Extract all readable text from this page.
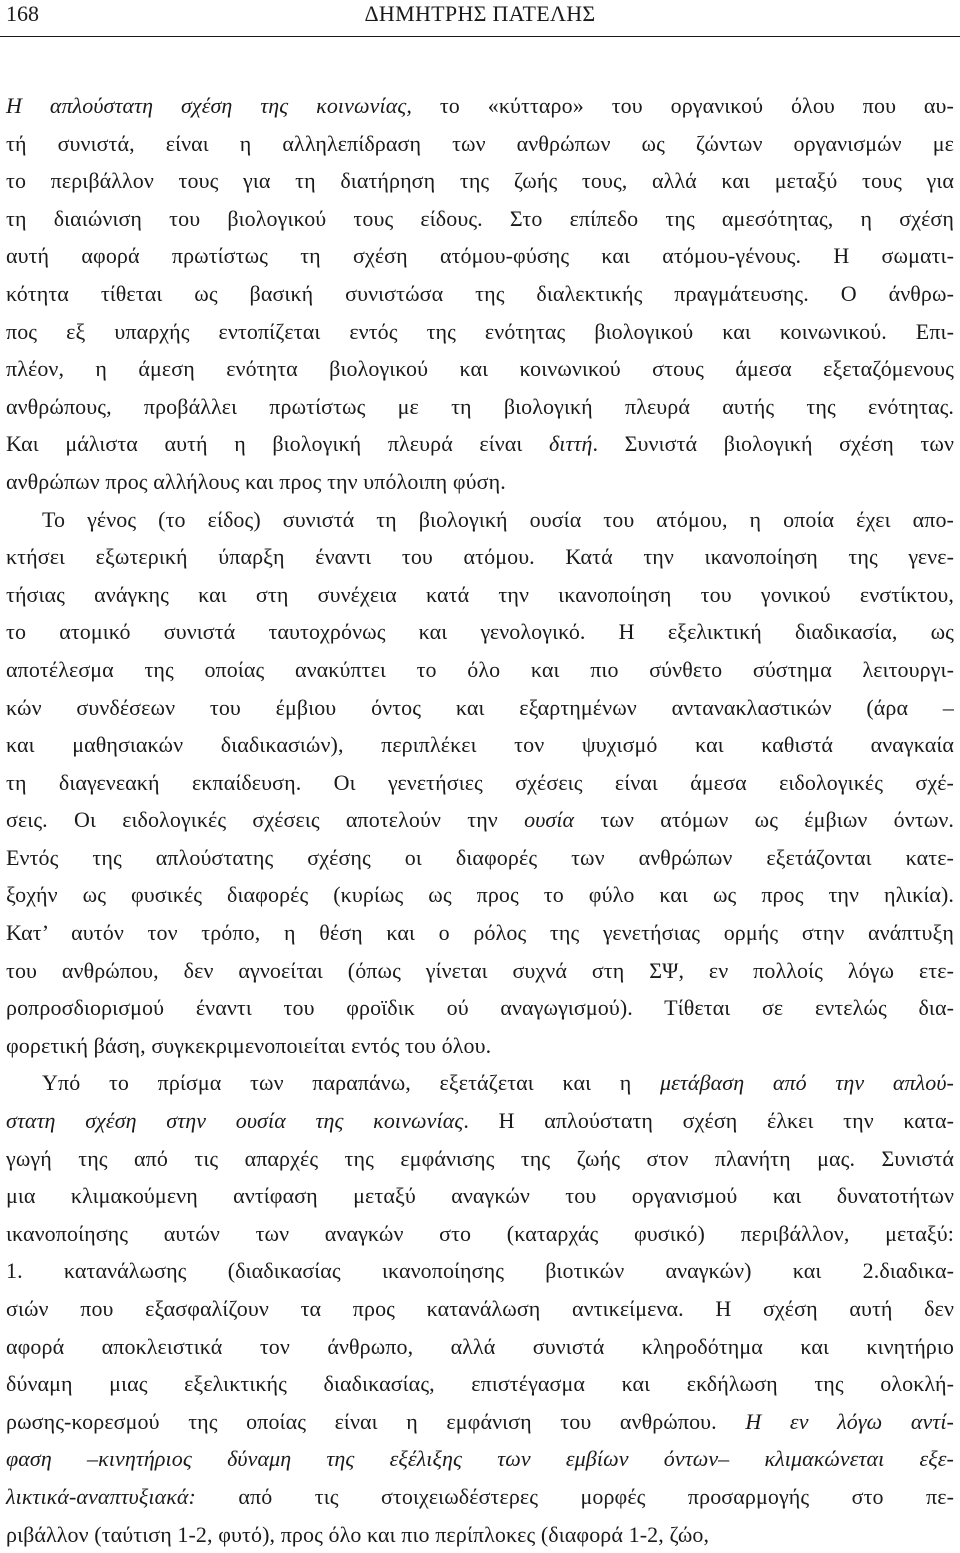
168	ΔΗΜΗΤΡΗΣ ΠΑΤΕΛΗΣ
Η απλούστατη σχέση της κοινωνίας, το «κύτταρο» του οργανικού όλου που αυ-
τή συνιστά, είναι η αλληλεπίδραση των ανθρώπων ως ζώντων οργανισμών με
το περιβάλλον τους για τη διατήρηση της ζωής τους, αλλά και μεταξύ τους για
τη διαιώνιση του βιολογικού τους είδους. Στο επίπεδο της αμεσότητας, η σχέση
αυτή αφορά πρωτίστως τη σχέση ατόμου-φύσης και ατόμου-γένους. Η σωματι-
κότητα τίθεται ως βασική συνιστώσα της διαλεκτικής πραγμάτευσης. Ο άνθρω-
πος εξ υπαρχής εντοπίζεται εντός της ενότητας βιολογικού και κοινωνικού. Επι-
πλέον, η άμεση ενότητα βιολογικού και κοινωνικού στους άμεσα εξεταζόμενους
ανθρώπους, προβάλλει πρωτίστως με τη βιολογική πλευρά αυτής της ενότητας.
Και μάλιστα αυτή η βιολογική πλευρά είναι διττή. Συνιστά βιολογική σχέση των
ανθρώπων προς αλλήλους και προς την υπόλοιπη φύση.
Το γένος (το είδος) συνιστά τη βιολογική ουσία του ατόμου, η οποία έχει απο-
κτήσει εξωτερική ύπαρξη έναντι του ατόμου. Κατά την ικανοποίηση της γενε-
τήσιας ανάγκης και στη συνέχεια κατά την ικανοποίηση του γονικού ενστίκτου,
το ατομικό συνιστά ταυτοχρόνως και γενολογικό. Η εξελικτική διαδικασία, ως
αποτέλεσμα της οποίας ανακύπτει το όλο και πιο σύνθετο σύστημα λειτουργι-
κών συνδέσεων του έμβιου όντος και εξαρτημένων αντανακλαστικών (άρα –
και μαθησιακών διαδικασιών), περιπλέκει τον ψυχισμό και καθιστά αναγκαία
τη διαγενεακή εκπαίδευση. Οι γενετήσιες σχέσεις είναι άμεσα ειδολογικές σχέ-
σεις. Οι ειδολογικές σχέσεις αποτελούν την ουσία των ατόμων ως έμβιων όντων.
Εντός της απλούστατης σχέσης οι διαφορές των ανθρώπων εξετάζονται κατε-
ξοχήν ως φυσικές διαφορές (κυρίως ως προς το φύλο και ως προς την ηλικία).
Κατ’ αυτόν τον τρόπο, η θέση και ο ρόλος της γενετήσιας ορμής στην ανάπτυξη
του ανθρώπου, δεν αγνοείται (όπως γίνεται συχνά στη ΣΨ, εν πολλοίς λόγω ετε-
ροπροσδιορισμού έναντι του φροϊδικ ού αναγωγισμού). Τίθεται σε εντελώς δια-
φορετική βάση, συγκεκριμενοποιείται εντός του όλου.
Υπό το πρίσμα των παραπάνω, εξετάζεται και η μετάβαση από την απλού-
στατη σχέση στην ουσία της κοινωνίας. Η απλούστατη σχέση έλκει την κατα-
γωγή της από τις απαρχές της εμφάνισης της ζωής στον πλανήτη μας. Συνιστά
μια κλιμακούμενη αντίφαση μεταξύ αναγκών του οργανισμού και δυνατοτήτων
ικανοποίησης αυτών των αναγκών στο (καταρχάς φυσικό) περιβάλλον, μεταξύ:
1. κατανάλωσης (διαδικασίας ικανοποίησης βιοτικών αναγκών) και 2.διαδικα-
σιών που εξασφαλίζουν τα προς κατανάλωση αντικείμενα. Η σχέση αυτή δεν
αφορά αποκλειστικά τον άνθρωπο, αλλά συνιστά κληροδότημα και κινητήριο
δύναμη μιας εξελικτικής διαδικασίας, επιστέγασμα και εκδήλωση της ολοκλή-
ρωσης-κορεσμού της οποίας είναι η εμφάνιση του ανθρώπου. Η εν λόγω αντί-
φαση –κινητήριος δύναμη της εξέλιξης των εμβίων όντων– κλιμακώνεται εξε-
λικτικά-αναπτυξιακά: από τις στοιχειωδέστερες μορφές προσαρμογής στο πε-
ριβάλλον (ταύτιση 1-2, φυτό), προς όλο και πιο περίπλοκες (διαφορά 1-2, ζώο,
